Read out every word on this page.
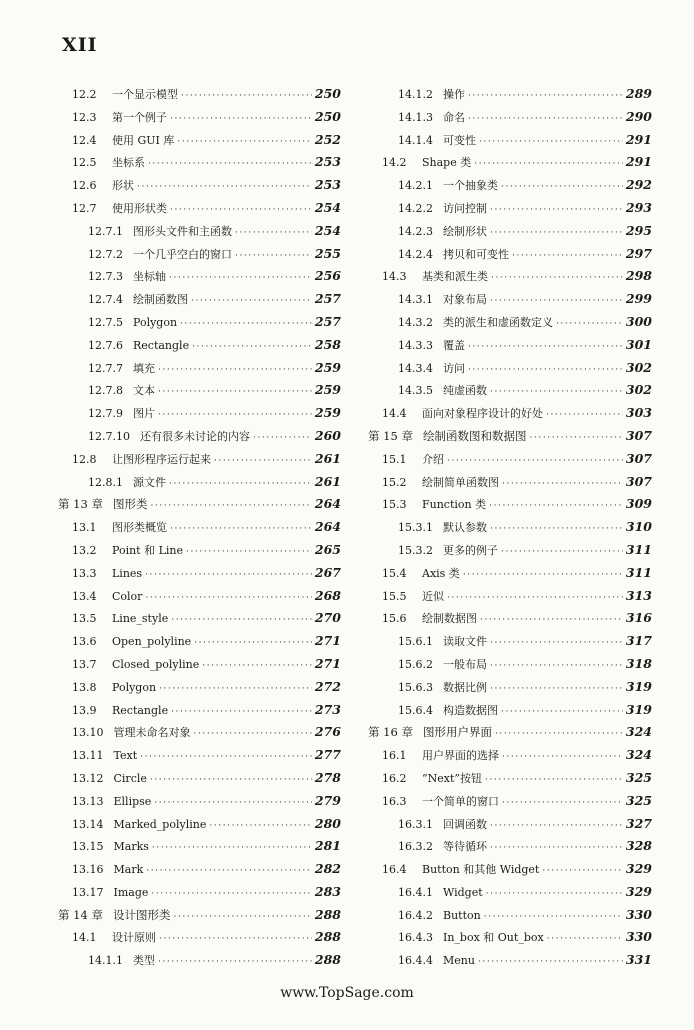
XII
12.2	一个显示模型 ·····	250
12.3	第一个例子 ·····	250
12.4	使用 GUI 库 ·····	252
12.5	坐标系 ·····	253
12.6	形状 ·····	253
12.7	使用形状类 ·····	254
12.7.1 图形头文件和主函数 ·····	254
12.7.2 一个几乎空白的窗口 ·····	255
12.7.3 坐标轴 ·····	256
12.7.4 绘制函数图 ·····	257
12.7.5 Polygon ·····	257
12.7.6 Rectangle ·····	258
12.7.7 填充 ·····	259
12.7.8 文本 ·····	259
12.7.9 图片 ·····	259
12.7.10 还有很多未讨论的内容 ·····	260
12.8	让图形程序运行起来 ·····	261
12.8.1 源文件 ·····	261
第 13 章 图形类 ·····	264
13.1	图形类概览 ·····	264
13.2	Point 和 Line ·····	265
13.3	Lines ·····	267
13.4	Color ·····	268
13.5	Line_style ·····	270
13.6	Open_polyline ·····	271
13.7	Closed_polyline ·····	271
13.8	Polygon ·····	272
13.9	Rectangle ·····	273
13.10 管理未命名对象 ·····	276
13.11 Text ·····	277
13.12 Circle ·····	278
13.13 Ellipse ·····	279
13.14 Marked_polyline ·····	280
13.15 Marks ·····	281
13.16 Mark ·····	282
13.17 Image ·····	283
第 14 章 设计图形类 ·····	288
14.1	设计原则 ·····	288
14.1.1 类型 ·····	288
14.1.2 操作 ·····	289
14.1.3 命名 ·····	290
14.1.4 可变性 ·····	291
14.2	Shape 类 ·····	291
14.2.1 一个抽象类 ·····	292
14.2.2 访问控制 ·····	293
14.2.3 绘制形状 ·····	295
14.2.4 拷贝和可变性 ·····	297
14.3	基类和派生类 ·····	298
14.3.1 对象布局 ·····	299
14.3.2 类的派生和虚函数定义 ·····	300
14.3.3 覆盖 ·····	301
14.3.4 访问 ·····	302
14.3.5 纯虚函数 ·····	302
14.4	面向对象程序设计的好处 ·····	303
第 15 章 绘制函数图和数据图 ·····	307
15.1	介绍 ·····	307
15.2	绘制简单函数图 ·····	307
15.3	Function 类 ·····	309
15.3.1 默认参数 ·····	310
15.3.2 更多的例子 ·····	311
15.4	Axis 类 ·····	311
15.5	近似 ·····	313
15.6	绘制数据图 ·····	316
15.6.1 读取文件 ·····	317
15.6.2 一般布局 ·····	318
15.6.3 数据比例 ·····	319
15.6.4 构造数据图 ·····	319
第 16 章 图形用户界面 ·····	324
16.1	用户界面的选择 ·····	324
16.2	“Next”按钮 ·····	325
16.3	一个简单的窗口 ·····	325
16.3.1 回调函数 ·····	327
16.3.2 等待循环 ·····	328
16.4	Button 和其他 Widget ·····	329
16.4.1 Widget ·····	329
16.4.2 Button ·····	330
16.4.3 In_box 和 Out_box ·····	330
16.4.4 Menu ·····	331
www.TopSage.com
